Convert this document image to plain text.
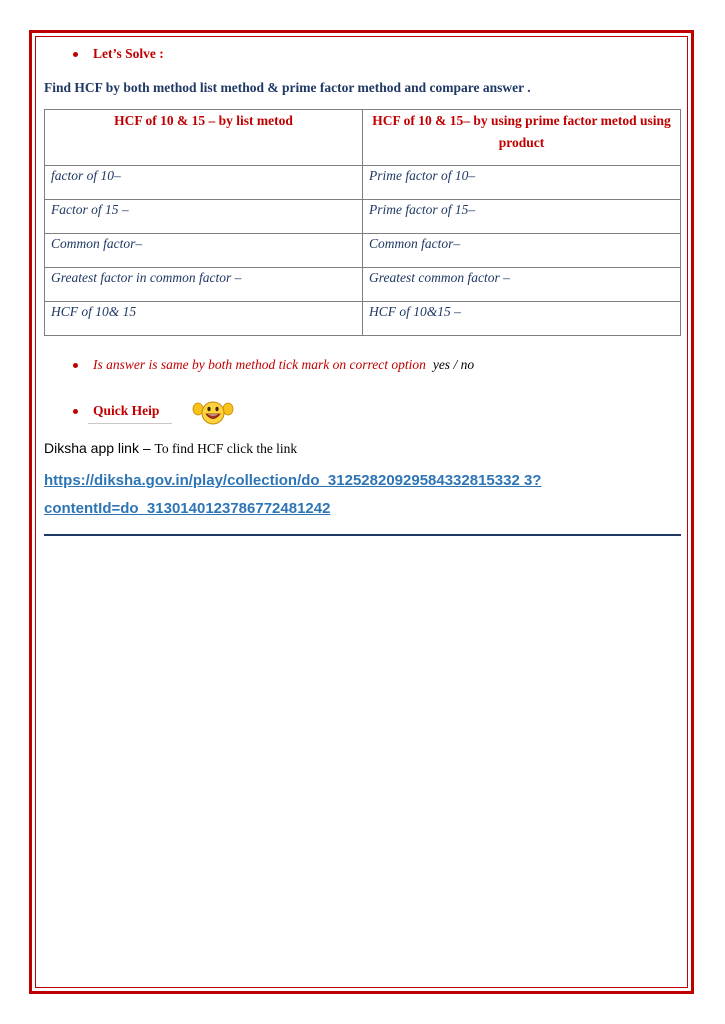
Let’s Solve :
Find HCF by both method list method & prime factor method and compare answer .
HCF of 10 & 15 – by list metod	HCF of 10 & 15– by using prime factor metod using product
factor of 10–	Prime factor of 10–
Factor of 15 –	Prime factor of 15–
Common factor–	Common factor–
Greatest factor in common factor –	Greatest common factor –
HCF of 10& 15	HCF of 10&15 –
Is answer is same by both method tick mark on correct option yes / no
Quick Heip
Diksha app link – To find HCF click the link
https://diksha.gov.in/play/collection/do_31252820929584332815332 3?contentId=do_3130140123786772481242
